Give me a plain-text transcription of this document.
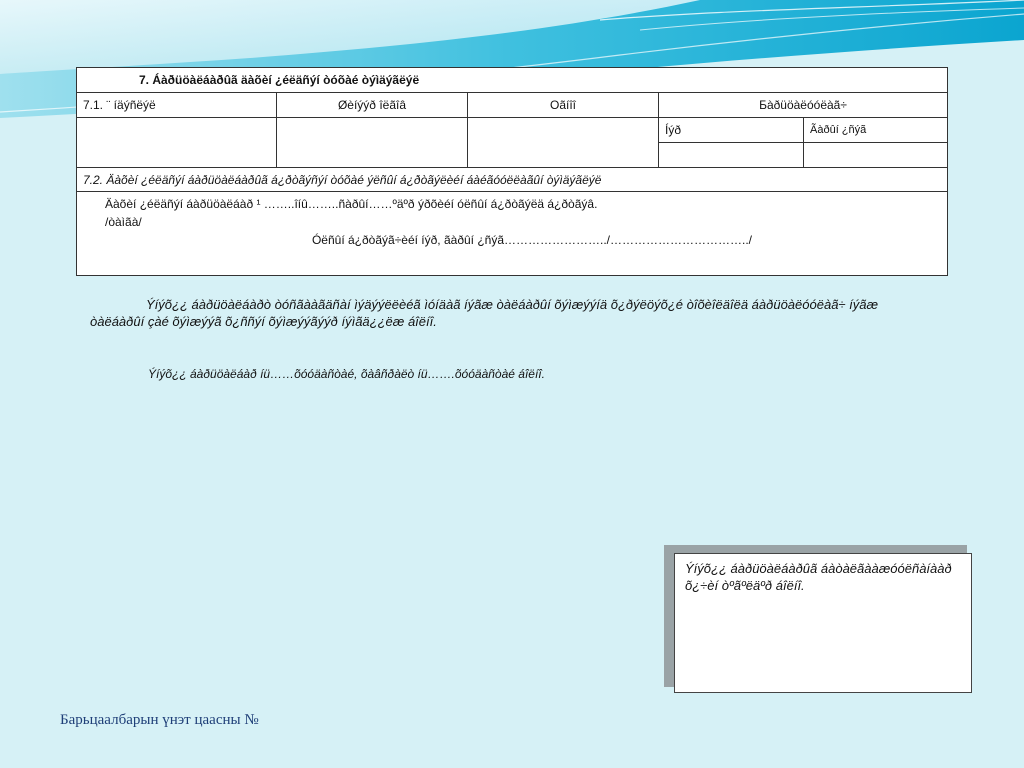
7. Áàðüöàëáàðûã äàõèí ¿éëäñýí òóõàé òýìäýãëýë				
7.1. ¨ íäýñëýë	Øèíýýð îëãîâ	Oãíîî	Бàðüöàëóóëàã÷	
			Íýð	Ãàðûí ¿ñýã

7.2. Äàõèí ¿éëäñýí áàðüöàëáàðûã á¿ðòãýñýí òóõàé ýëñûí á¿ðòãýëèéí áàéãóóëëàãûí òýìäýãëýë				

Äàõèí ¿éëäñýí áàðüöàëáàð ¹ ……..îíû……..ñàðûí……ºäºð ýðõèéí óëñûí á¿ðòãýëä á¿ðòãýâ.
/òàìãà/
Óëñûí á¿ðòãýã÷èéí íýð, ãàðûí ¿ñýã……………………../……………………………../				
Ýíýõ¿¿ áàðüöàëáàðò òóñãààãäñàí ìýäýýëëèéã ìóíäàã íýãæ òàëáàðûí õýìæýýíä õ¿ðýëöýõ¿é òîõèîëäîëä áàðüöàëóóëàã÷ íýãæ òàëáàðûí çàé õýìæýýã õ¿ññýí õýìæýýãýýð íýìãä¿¿ëæ áîëíî.
Ýíýõ¿¿ áàðüöàëáàð íü……õóóäàñòàé, õàâñðàëò íü…….õóóäàñòàé áîëíî.
Ýíýõ¿¿ áàðüöàëáàðûã áàòàëãààæóóëñàíààð õ¿÷èí òºãºëäºð áîëíî.
Барьцаалбарын үнэт цаасны №
